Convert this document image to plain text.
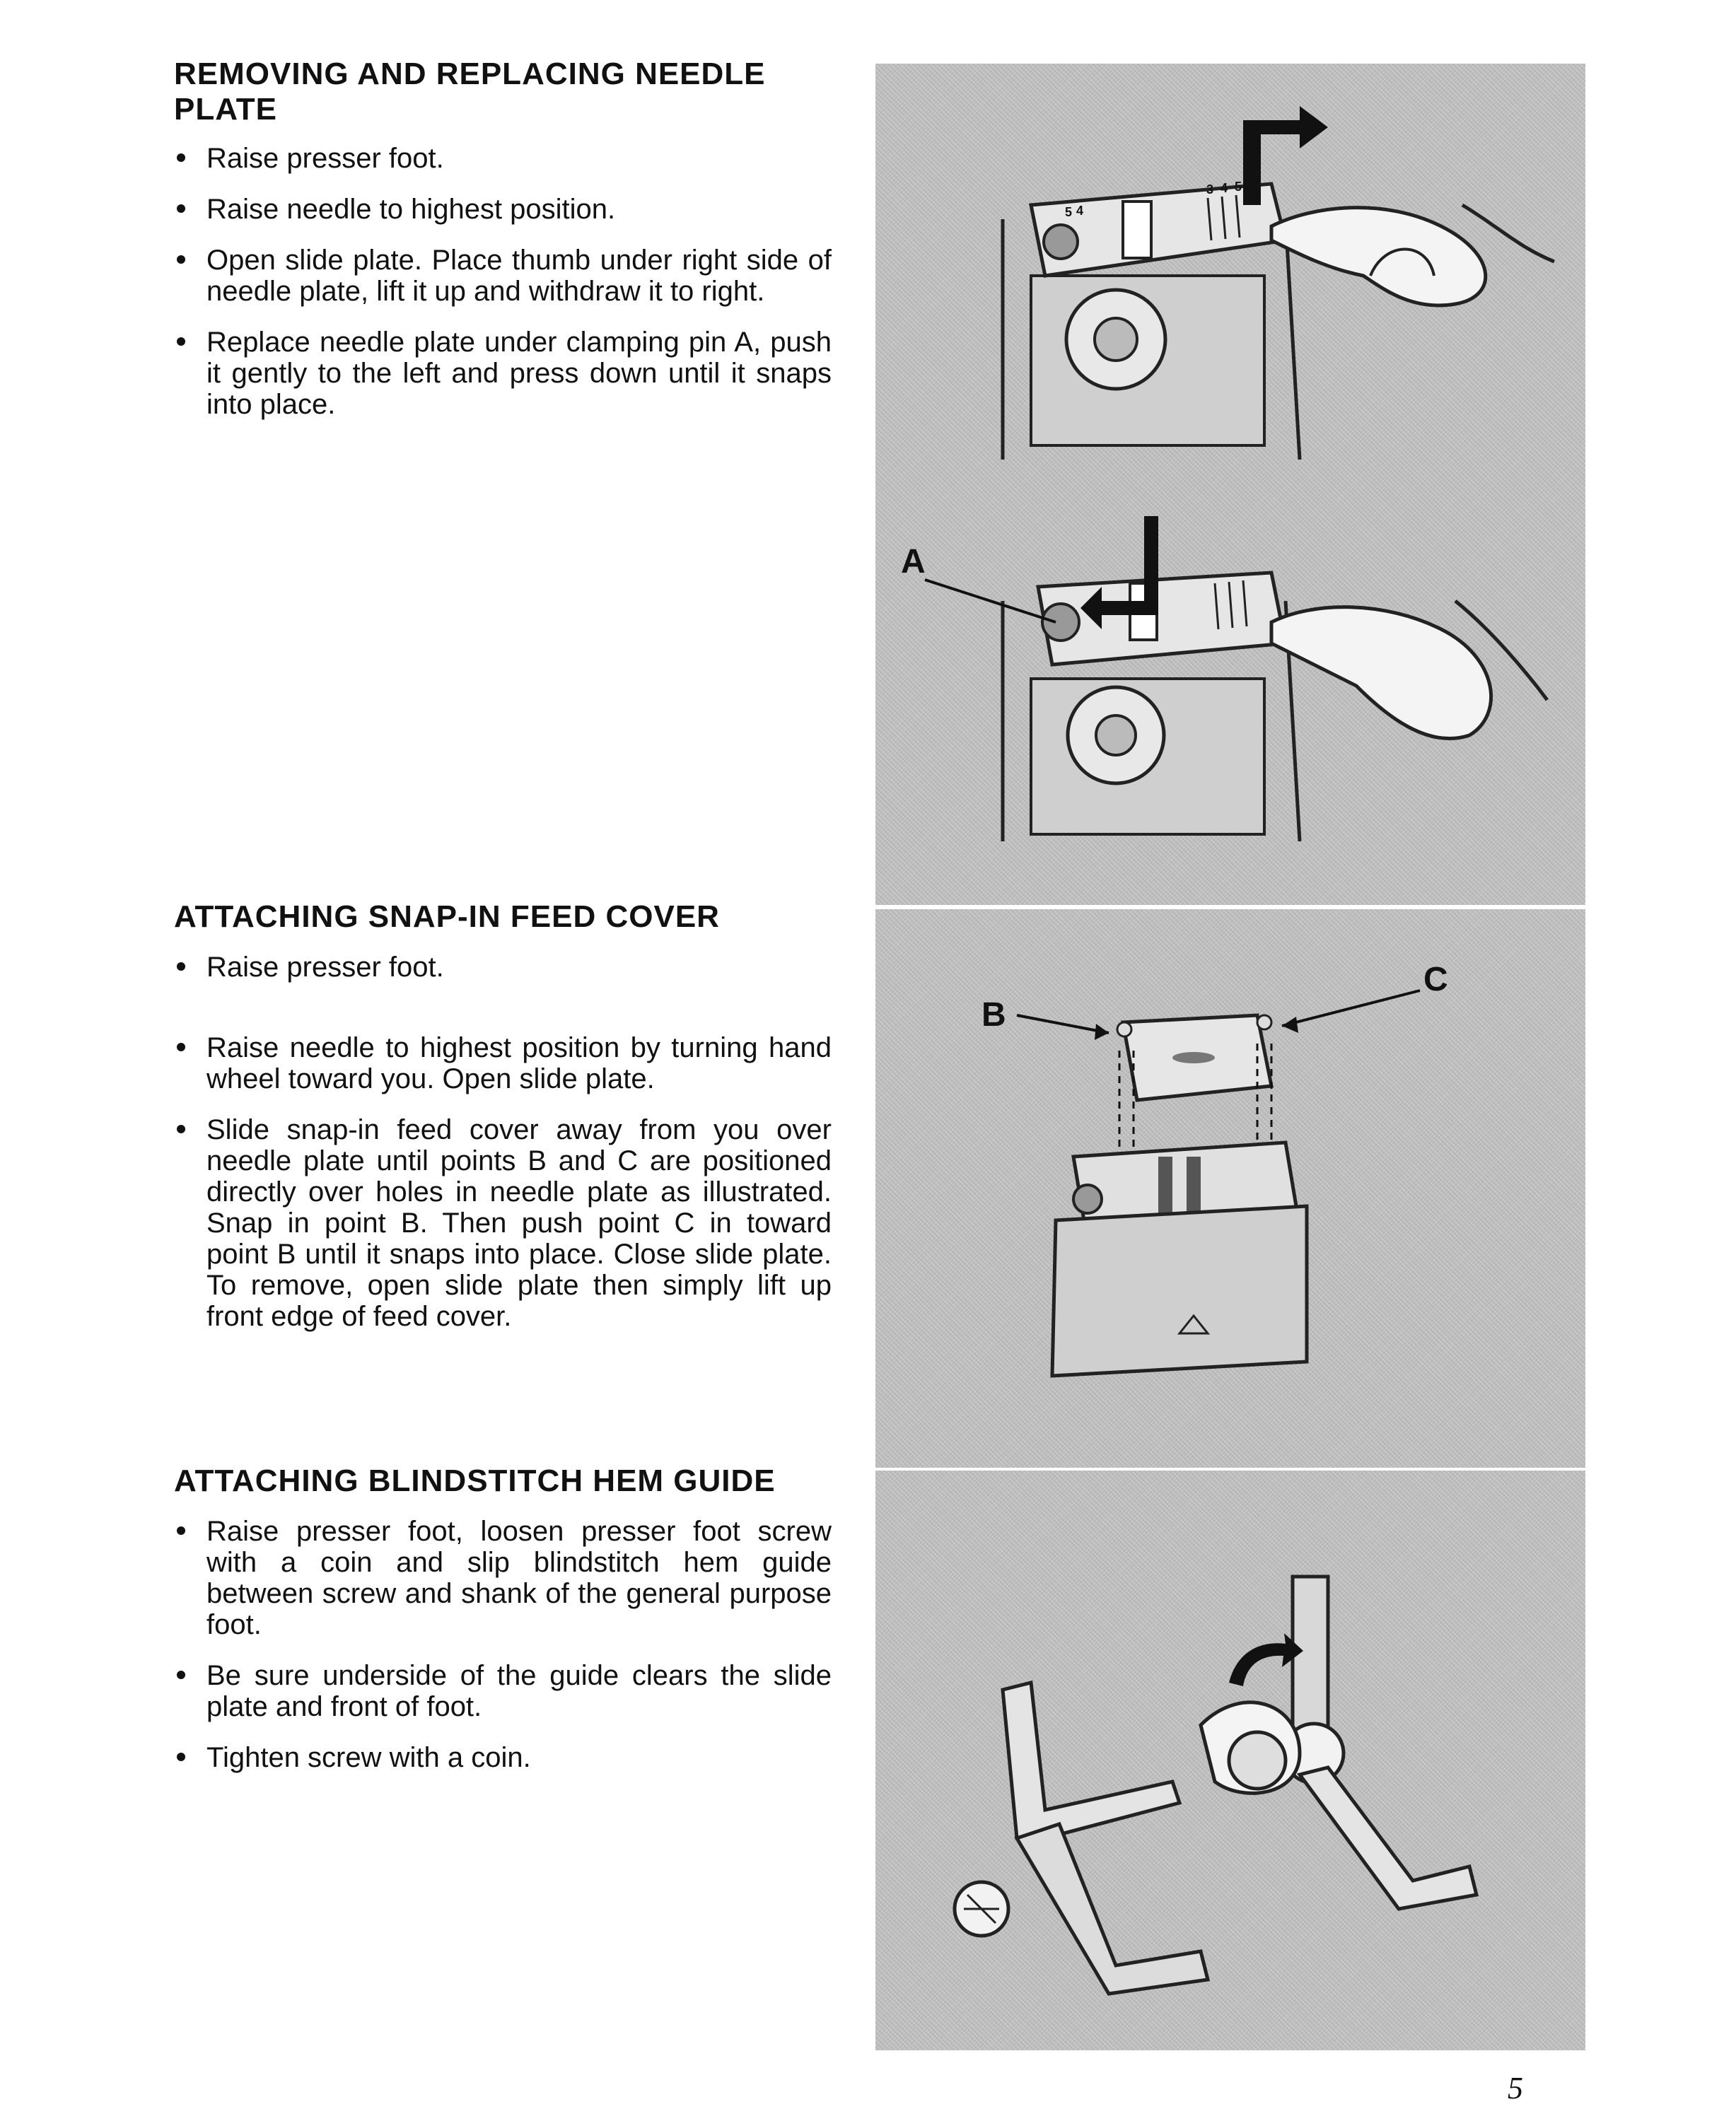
REMOVING AND REPLACING NEEDLE PLATE
Raise presser foot.
Raise needle to highest position.
Open slide plate. Place thumb under right side of needle plate, lift it up and withdraw it to right.
Replace needle plate under clamping pin A, push it gently to the left and press down until it snaps into place.
ATTACHING SNAP-IN FEED COVER
Raise presser foot.
Raise needle to highest position by turning hand wheel toward you. Open slide plate.
Slide snap-in feed cover away from you over needle plate until points B and C are positioned directly over holes in needle plate as illustrated. Snap in point B. Then push point C in toward point B until it snaps into place. Close slide plate. To remove, open slide plate then simply lift up front edge of feed cover.
ATTACHING BLINDSTITCH HEM GUIDE
Raise presser foot, loosen presser foot screw with a coin and slip blindstitch hem guide between screw and shank of the general purpose foot.
Be sure underside of the guide clears the slide plate and front of foot.
Tighten screw with a coin.
A
5 4
3 4 5 6
B
C
5
